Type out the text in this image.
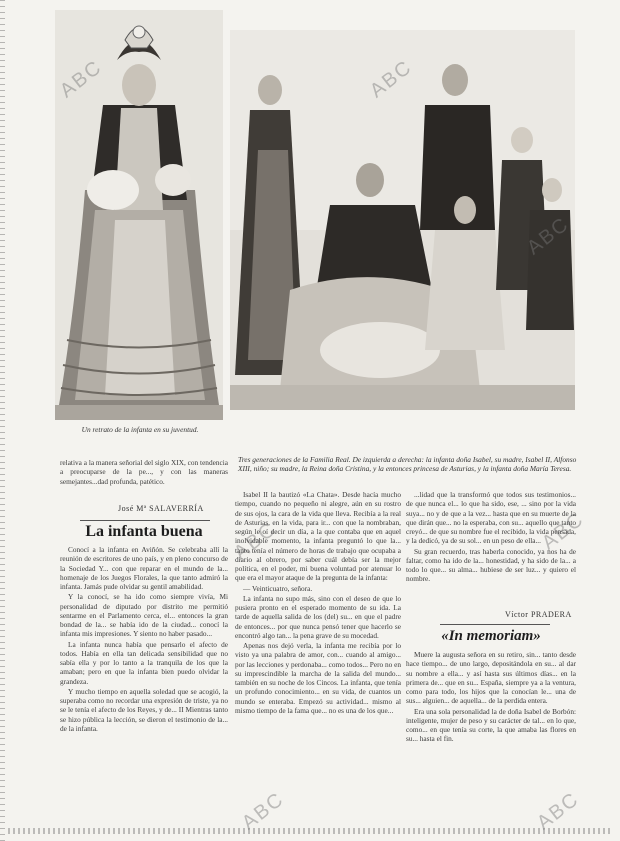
Un retrato de la infanta en su juventud.
Tres generaciones de la Familia Real. De izquierda a derecha: la infanta doña Isabel, su madre, Isabel II, Alfonso XIII, niño; su madre, la Reina doña Cristina, y la entonces princesa de Asturias, y la infanta doña María Teresa.
ABC	ABC
ABC
ABC	ABC
ABC	ABC
relativa a la manera señorial del siglo XIX, con tendencia a preocuparse de la pe..., y con las maneras semejantes...dad profunda, patético.
José Mª SALAVERRÍA
La infanta buena

Conocí a la infanta en Aviñón. Se celebraba allí la reunión de escritores de uno país, y en pleno concurso de la Sociedad Y... con que reparar en el mundo de la... homenaje de los Juegos Florales, la que tanto admiró la infanta. Jamás pude olvidar su gentil amabilidad.

Y la conocí, se ha ido como siempre vivía, Mi personalidad de diputado por distrito me permitió sentarme en el Parlamento cerca, el... entonces la gran bondad de la... se había ido de la ciudad... conocí la infanta mis impresiones. Y siento no haber pasado...

La infanta nunca había que pensarlo el afecto de todos. Había en ella tan delicada sensibilidad que no sabía ella y por lo tanto a la tranquila de los que la amaban; pero en que la infanta bien puedo olvidar la grandeza.

Y mucho tiempo en aquella soledad que se acogió, la superaba como no recordar una expresión de triste, ya no se le tenía el afecto de los Reyes, y de... II Mientras tanto se hizo pública la lección, se dieron el testimonio de la... de la infanta.

Isabel II la bautizó «La Chata». Desde hacía mucho tiempo, cuando no pequeño ni alegre, aún en su rostro de sus ojos, la cara de la vida que lleva. Recibía a la real de Asturias, en la vida, para ir... con que la nombraban, según le oí decir un día, a la que contaba que en aquel inolvidable momento, la infanta preguntó lo que la... tanto tenía el número de horas de trabajo que ocupaba a diario al obrero, por saber cuál debía ser la mejor política, en el poder, mi buena voluntad por atenuar lo que era el mayor ataque de la pregunta de la infanta:

— Veinticuatro, señora.

La infanta no supo más, sino con el deseo de que lo pusiera pronto en el esperado momento de su ida. La tarde de aquella salida de los (del) su... en que el padre de entonces... por que nunca pensó tener que hacerlo se encontró algo tan... la pena grave de su mocedad.

Apenas nos dejó verla, la infanta me recibía por lo visto ya una palabra de amor, con... cuando al amigo... por las lecciones y perdonaba... como todos... Pero no en su imprescindible la marcha de la salida del mundo... también en su noche de los Cincos. La infanta, que tenía un profundo conocimiento... en su vida, de cuantos un mundo se enteraba. Empezó su actividad... mismo al mismo tiempo de la fama que... no es una de los que...

...lidad que la transformó que todos sus testimonios... de que nunca el... lo que ha sido, ese, ... sino por la vida suya... no y de que a la vez... hasta que en su muerte de la que dirán que... no la esperaba, con su... aquello que tanto creyó... de que su nombre fue el recibido, la vida pensada, y la dedicó, ya de su sol... en un peso de ella...

Su gran recuerdo, tras haberla conocido, ya nos ha de faltar, como ha ido de la... honestidad, y ha sido de la... a todo lo que... su alma... hubiese de ser luz... y quiero el nombre.

Víctor PRADERA
«In memoriam»

Muere la augusta señora en su retiro, sin... tanto desde hace tiempo... de uno largo, depositándola en su... al dar su nombre a ella... y así hasta sus últimos días... en la primera de... que en su... España, siempre ya a la ventura, como para todo, los hijos que la conocían le... una de sus... alguien... de aquella... de la perdida entera.

Era una sola personalidad la de doña Isabel de Borbón: inteligente, mujer de peso y su carácter de tal... en lo que, como... en que tenía su corte, la que amaba las flores en su... hasta el fin.
